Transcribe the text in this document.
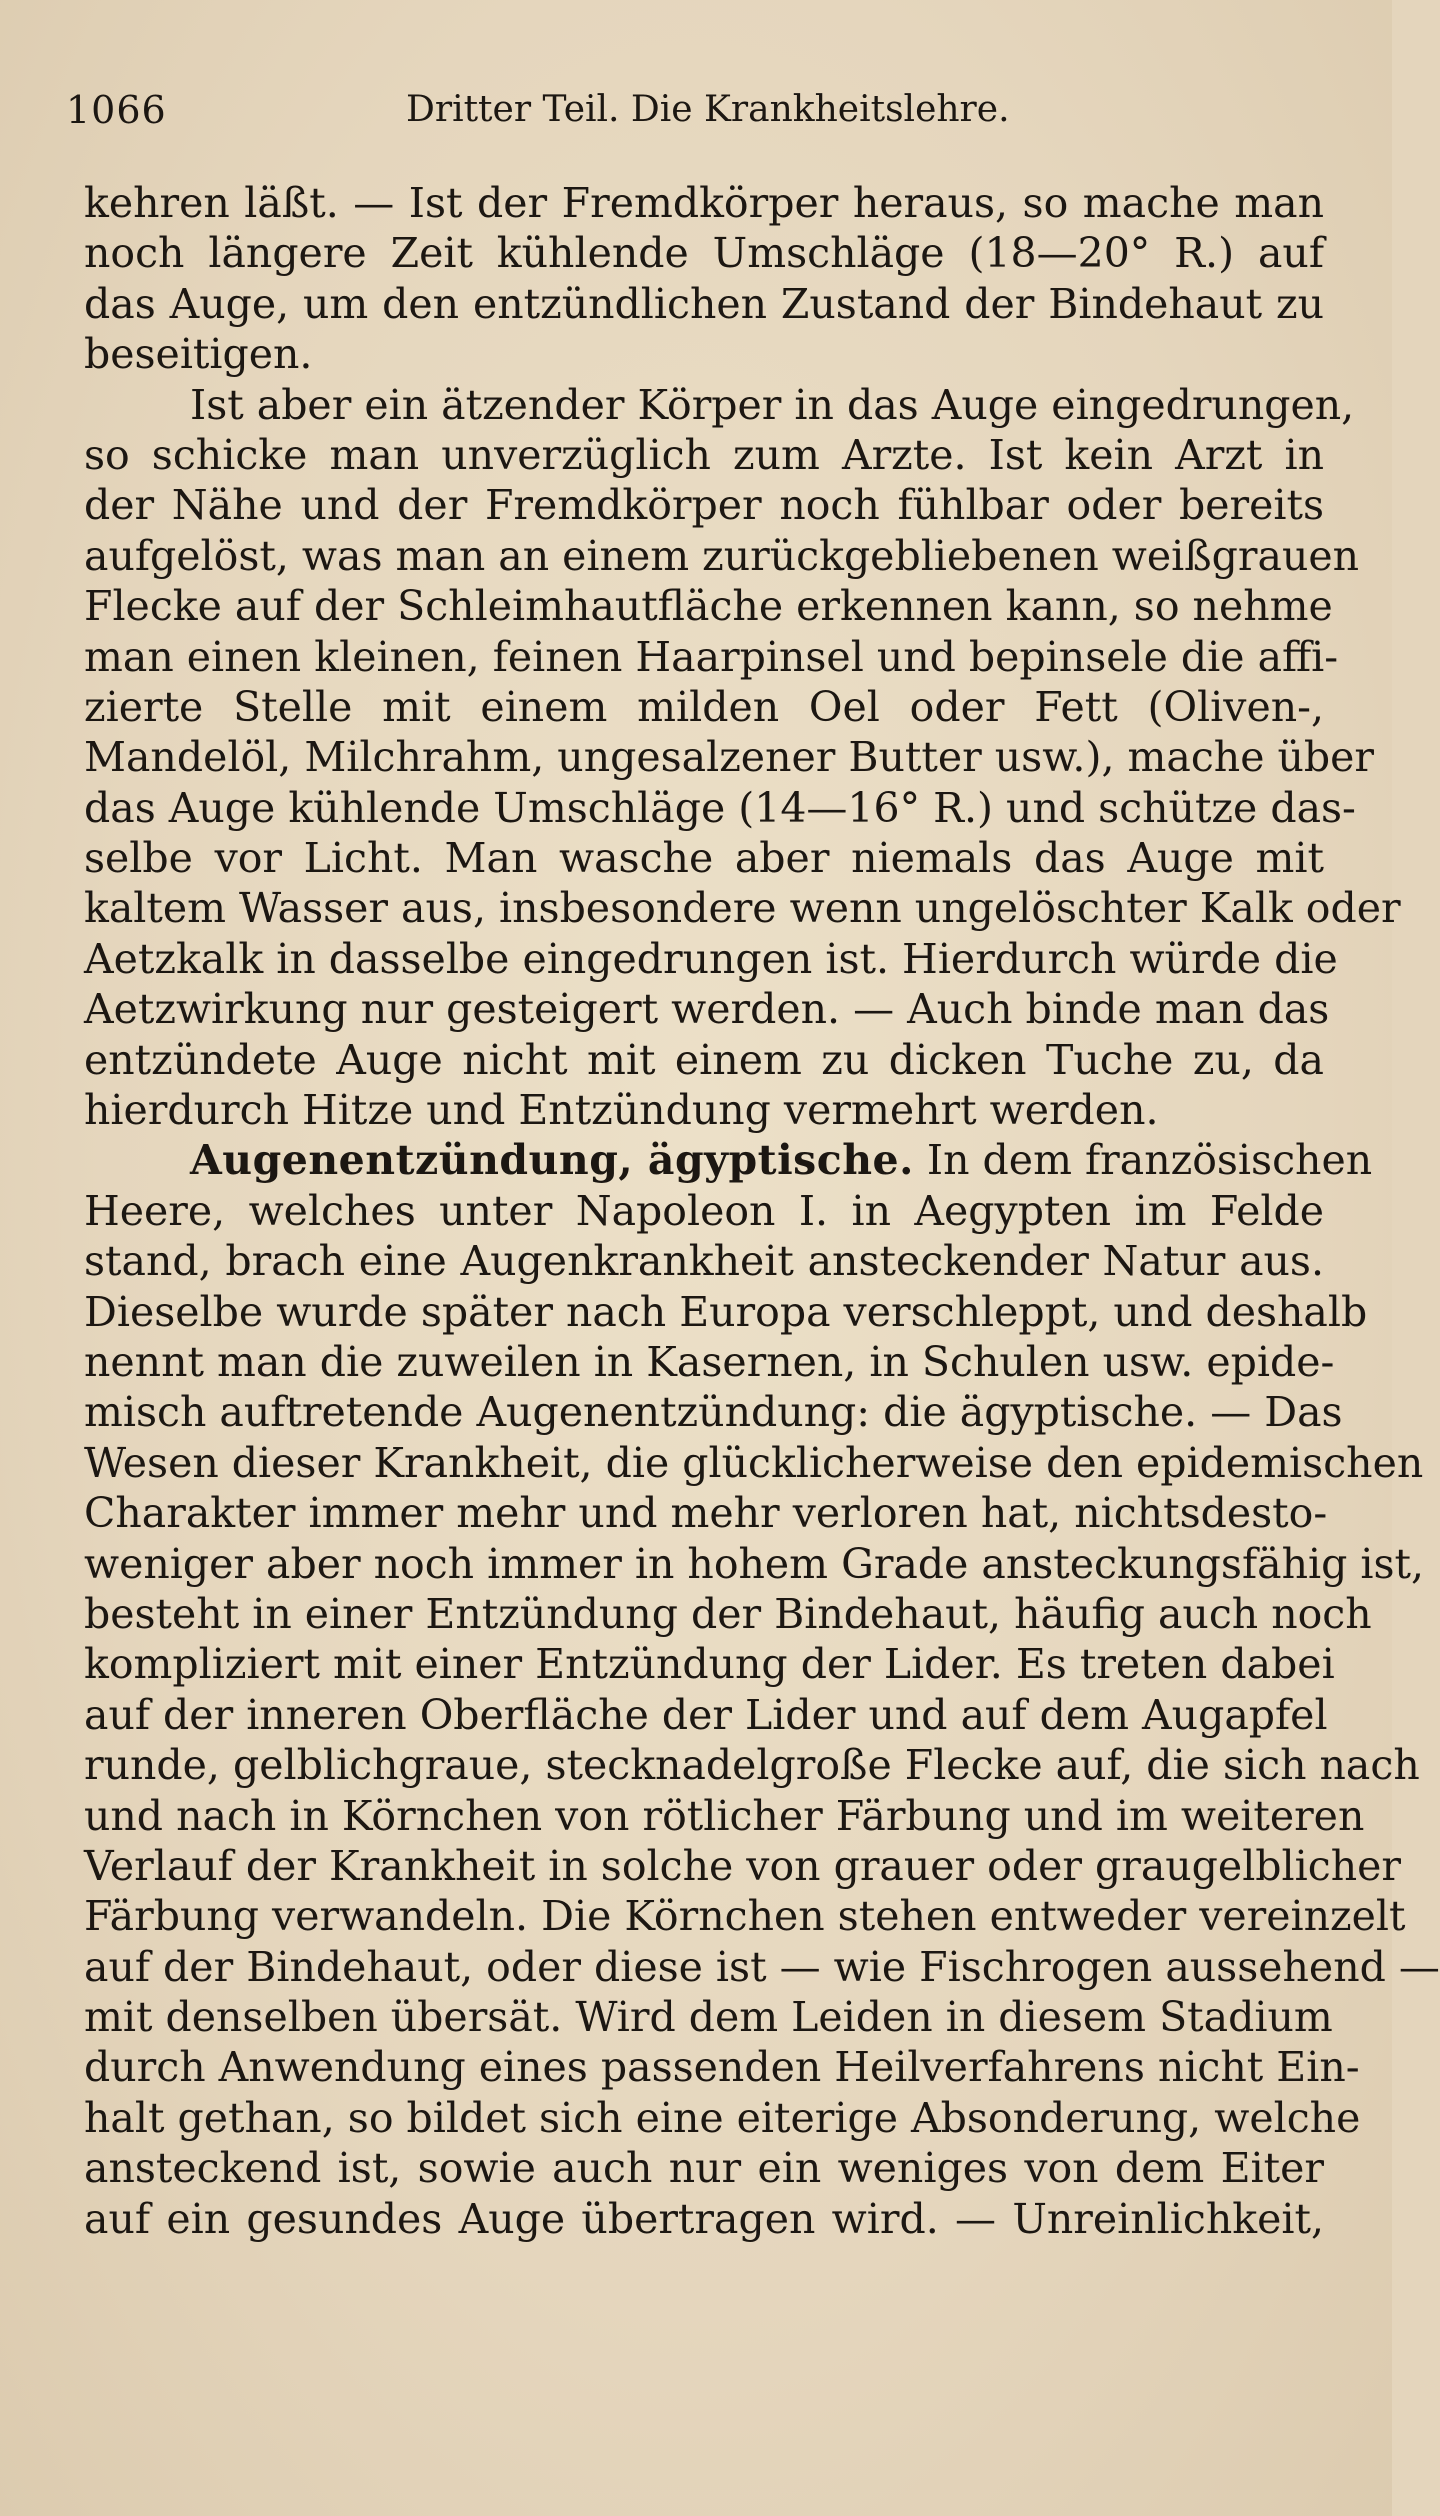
1066	Dritter Teil. Die Krankheitslehre.
kehren läßt. — Ist der Fremdkörper heraus, so mache man
noch längere Zeit kühlende Umschläge (18—20° R.) auf
das Auge, um den entzündlichen Zustand der Bindehaut zu
beseitigen.
Ist aber ein ätzender Körper in das Auge eingedrungen,
so schicke man unverzüglich zum Arzte. Ist kein Arzt in
der Nähe und der Fremdkörper noch fühlbar oder bereits
aufgelöst, was man an einem zurückgebliebenen weißgrauen
Flecke auf der Schleimhautfläche erkennen kann, so nehme
man einen kleinen, feinen Haarpinsel und bepinsele die affi-
zierte Stelle mit einem milden Oel oder Fett (Oliven-,
Mandelöl, Milchrahm, ungesalzener Butter usw.), mache über
das Auge kühlende Umschläge (14—16° R.) und schütze das-
selbe vor Licht. Man wasche aber niemals das Auge mit
kaltem Wasser aus, insbesondere wenn ungelöschter Kalk oder
Aetzkalk in dasselbe eingedrungen ist. Hierdurch würde die
Aetzwirkung nur gesteigert werden. — Auch binde man das
entzündete Auge nicht mit einem zu dicken Tuche zu, da
hierdurch Hitze und Entzündung vermehrt werden.
Augenentzündung, ägyptische. In dem französischen
Heere, welches unter Napoleon I. in Aegypten im Felde
stand, brach eine Augenkrankheit ansteckender Natur aus.
Dieselbe wurde später nach Europa verschleppt, und deshalb
nennt man die zuweilen in Kasernen, in Schulen usw. epide-
misch auftretende Augenentzündung: die ägyptische. — Das
Wesen dieser Krankheit, die glücklicherweise den epidemischen
Charakter immer mehr und mehr verloren hat, nichtsdesto-
weniger aber noch immer in hohem Grade ansteckungsfähig ist,
besteht in einer Entzündung der Bindehaut, häufig auch noch
kompliziert mit einer Entzündung der Lider. Es treten dabei
auf der inneren Oberfläche der Lider und auf dem Augapfel
runde, gelblichgraue, stecknadelgroße Flecke auf, die sich nach
und nach in Körnchen von rötlicher Färbung und im weiteren
Verlauf der Krankheit in solche von grauer oder graugelblicher
Färbung verwandeln. Die Körnchen stehen entweder vereinzelt
auf der Bindehaut, oder diese ist — wie Fischrogen aussehend —
mit denselben übersät. Wird dem Leiden in diesem Stadium
durch Anwendung eines passenden Heilverfahrens nicht Ein-
halt gethan, so bildet sich eine eiterige Absonderung, welche
ansteckend ist, sowie auch nur ein weniges von dem Eiter
auf ein gesundes Auge übertragen wird. — Unreinlichkeit,
